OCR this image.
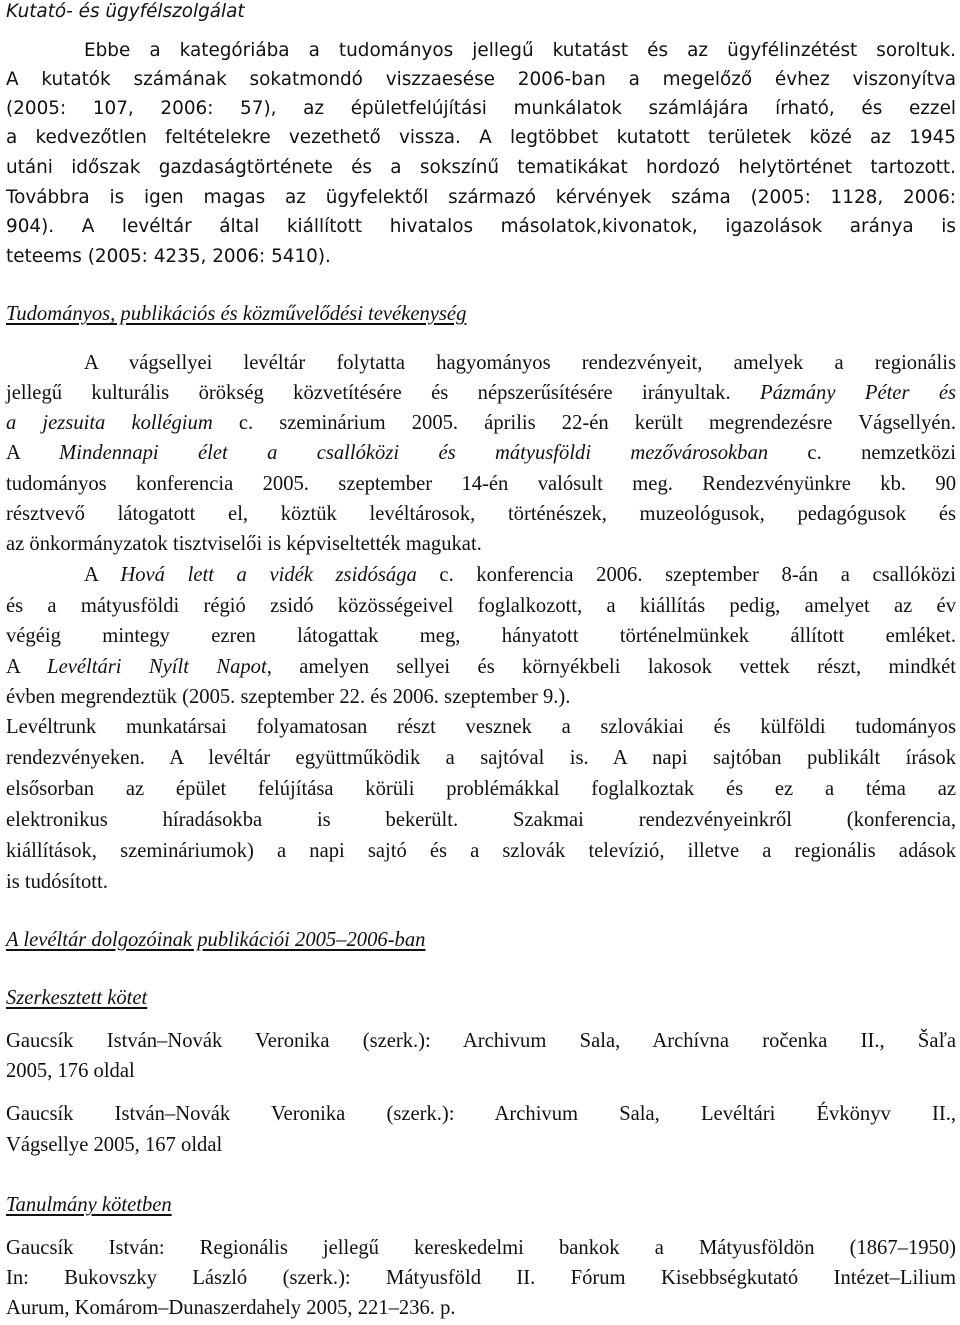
Kutató- és ügyfélszolgálat
Ebbe a kategóriába a tudományos jellegű kutatást és az ügyfélinzétést soroltuk.
A kutatók számának sokatmondó viszzaesése 2006-ban a megelőző évhez viszonyítva
(2005: 107, 2006: 57), az épületfelújítási munkálatok számlájára írható, és ezzel
a kedvezőtlen feltételekre vezethető vissza. A legtöbbet kutatott területek közé az 1945
utáni időszak gazdaságtörténete és a sokszínű tematikákat hordozó helytörténet tartozott.
Továbbra is igen magas az ügyfelektől származó kérvények száma (2005: 1128, 2006:
904). A levéltár által kiállított hivatalos másolatok,kivonatok, igazolások aránya is
teteems (2005: 4235, 2006: 5410).
Tudományos, publikációs és közművelődési tevékenység
A vágsellyei levéltár folytatta hagyományos rendezvényeit, amelyek a regionális
jellegű kulturális örökség közvetítésére és népszerűsítésére irányultak. Pázmány Péter és
a jezsuita kollégium c. szeminárium 2005. április 22-én került megrendezésre Vágsellyén.
A Mindennapi élet a csallóközi és mátyusföldi mezővárosokban c. nemzetközi
tudományos konferencia 2005. szeptember 14-én valósult meg. Rendezvényünkre kb. 90
résztvevő látogatott el, köztük levéltárosok, történészek, muzeológusok, pedagógusok és
az önkormányzatok tisztviselői is képviseltették magukat.
A Hová lett a vidék zsidósága c. konferencia 2006. szeptember 8-án a csallóközi
és a mátyusföldi régió zsidó közösségeivel foglalkozott, a kiállítás pedig, amelyet az év
végéig mintegy ezren látogattak meg, hányatott történelmünkek állított emléket.
A Levéltári Nyílt Napot, amelyen sellyei és környékbeli lakosok vettek részt, mindkét
évben megrendeztük (2005. szeptember 22. és 2006. szeptember 9.).
Levéltrunk munkatársai folyamatosan részt vesznek a szlovákiai és külföldi tudományos
rendezvényeken. A levéltár együttműködik a sajtóval is. A napi sajtóban publikált írások
elsősorban az épület felújítása körüli problémákkal foglalkoztak és ez a téma az
elektronikus híradásokba is bekerült. Szakmai rendezvényeinkről (konferencia,
kiállítások, szemináriumok) a napi sajtó és a szlovák televízió, illetve a regionális adások
is tudósított.
A levéltár dolgozóinak publikációi 2005–2006-ban
Szerkesztett kötet
Gaucsík István–Novák Veronika (szerk.): Archivum Sala, Archívna ročenka II., Šaľa
2005, 176 oldal
Gaucsík István–Novák Veronika (szerk.): Archivum Sala, Levéltári Évkönyv II.,
Vágsellye 2005, 167 oldal
Tanulmány kötetben
Gaucsík István: Regionális jellegű kereskedelmi bankok a Mátyusföldön (1867–1950)
In: Bukovszky László (szerk.): Mátyusföld II. Fórum Kisebbségkutató Intézet–Lilium
Aurum, Komárom–Dunaszerdahely 2005, 221–236. p.
